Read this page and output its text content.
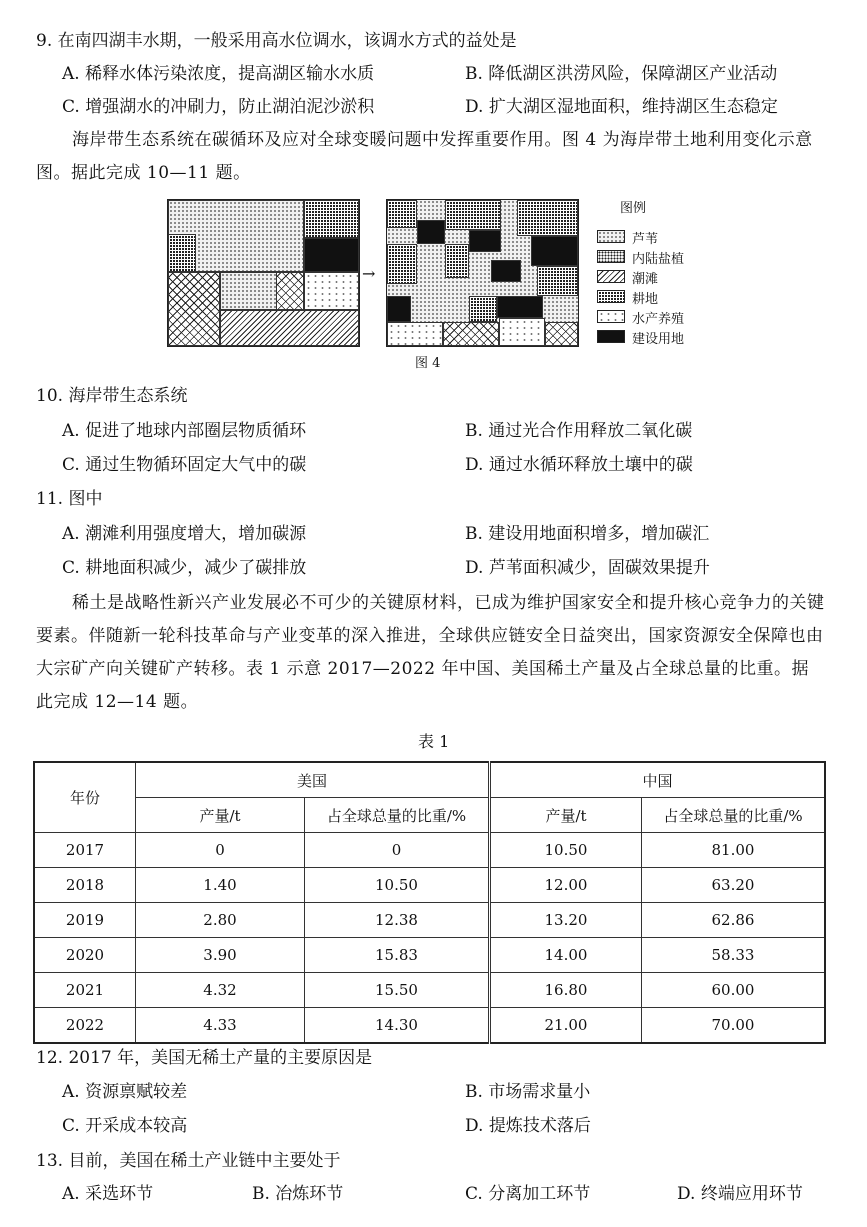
9. 在南四湖丰水期，一般采用高水位调水，该调水方式的益处是
A. 稀释水体污染浓度，提高湖区输水水质	B. 降低湖区洪涝风险，保障湖区产业活动
C. 增强湖水的冲刷力，防止湖泊泥沙淤积	D. 扩大湖区湿地面积，维持湖区生态稳定
海岸带生态系统在碳循环及应对全球变暖问题中发挥重要作用。图 4 为海岸带土地利用变化示意图。据此完成 10—11 题。
→
图例
芦苇
内陆盐植
潮滩
耕地
水产养殖
建设用地
图 4
10. 海岸带生态系统
A. 促进了地球内部圈层物质循环	B. 通过光合作用释放二氧化碳
C. 通过生物循环固定大气中的碳	D. 通过水循环释放土壤中的碳
11. 图中
A. 潮滩利用强度增大，增加碳源	B. 建设用地面积增多，增加碳汇
C. 耕地面积减少，减少了碳排放	D. 芦苇面积减少，固碳效果提升
稀土是战略性新兴产业发展必不可少的关键原材料，已成为维护国家安全和提升核心竞争力的关键要素。伴随新一轮科技革命与产业变革的深入推进，全球供应链安全日益突出，国家资源安全保障也由大宗矿产向关键矿产转移。表 1 示意 2017—2022 年中国、美国稀土产量及占全球总量的比重。据此完成 12—14 题。
表 1
年份	美国		中国	
	产量/t	占全球总量的比重/%	产量/t	占全球总量的比重/%
2017	0	0	10.50	81.00
2018	1.40	10.50	12.00	63.20
2019	2.80	12.38	13.20	62.86
2020	3.90	15.83	14.00	58.33
2021	4.32	15.50	16.80	60.00
2022	4.33	14.30	21.00	70.00
12. 2017 年，美国无稀土产量的主要原因是
A. 资源禀赋较差	B. 市场需求量小
C. 开采成本较高	D. 提炼技术落后
13. 目前，美国在稀土产业链中主要处于
A. 采选环节	B. 冶炼环节	C. 分离加工环节	D. 终端应用环节
